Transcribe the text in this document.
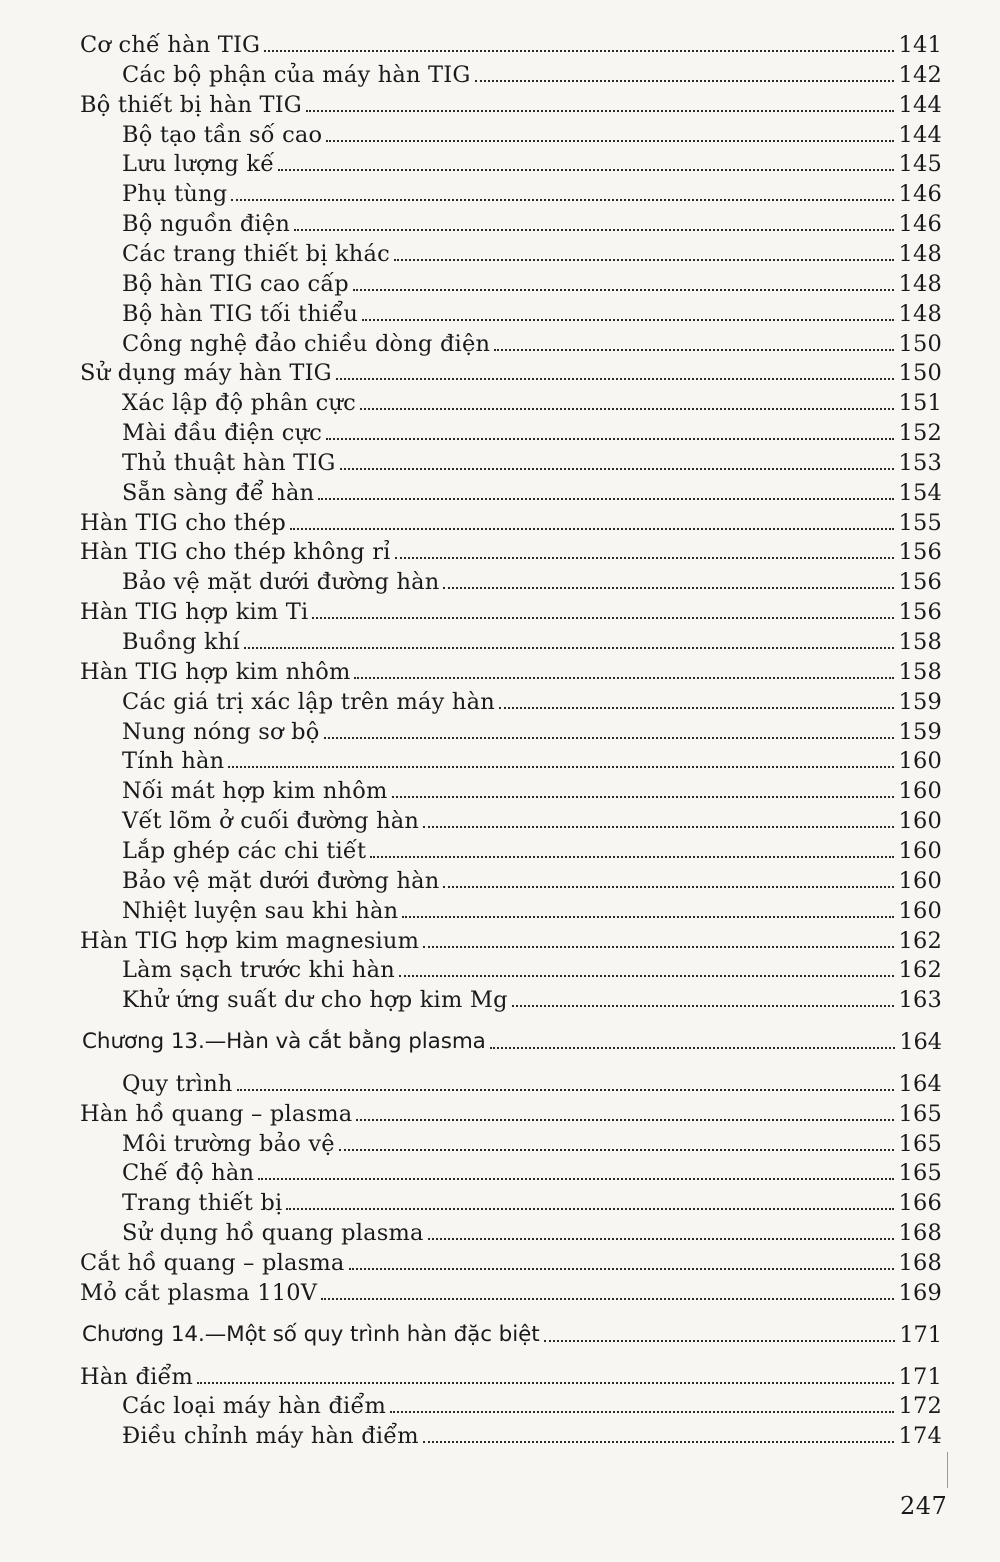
Cơ chế hàn TIG	141
Các bộ phận của máy hàn TIG	142
Bộ thiết bị hàn TIG	144
Bộ tạo tần số cao	144
Lưu lượng kế	145
Phụ tùng	146
Bộ nguồn điện	146
Các trang thiết bị khác	148
Bộ hàn TIG cao cấp	148
Bộ hàn TIG tối thiểu	148
Công nghệ đảo chiều dòng điện	150
Sử dụng máy hàn TIG	150
Xác lập độ phân cực	151
Mài đầu điện cực	152
Thủ thuật hàn TIG	153
Sẵn sàng để hàn	154
Hàn TIG cho thép	155
Hàn TIG cho thép không rỉ	156
Bảo vệ mặt dưới đường hàn	156
Hàn TIG hợp kim Ti	156
Buồng khí	158
Hàn TIG hợp kim nhôm	158
Các giá trị xác lập trên máy hàn	159
Nung nóng sơ bộ	159
Tính hàn	160
Nối mát hợp kim nhôm	160
Vết lõm ở cuối đường hàn	160
Lắp ghép các chi tiết	160
Bảo vệ mặt dưới đường hàn	160
Nhiệt luyện sau khi hàn	160
Hàn TIG hợp kim magnesium	162
Làm sạch trước khi hàn	162
Khử ứng suất dư cho hợp kim Mg	163
Chương 13.—Hàn và cắt bằng plasma	164
Quy trình	164
Hàn hồ quang – plasma	165
Môi trường bảo vệ	165
Chế độ hàn	165
Trang thiết bị	166
Sử dụng hồ quang plasma	168
Cắt hồ quang – plasma	168
Mỏ cắt plasma 110V	169
Chương 14.—Một số quy trình hàn đặc biệt	171
Hàn điểm	171
Các loại máy hàn điểm	172
Điều chỉnh máy hàn điểm	174
247
